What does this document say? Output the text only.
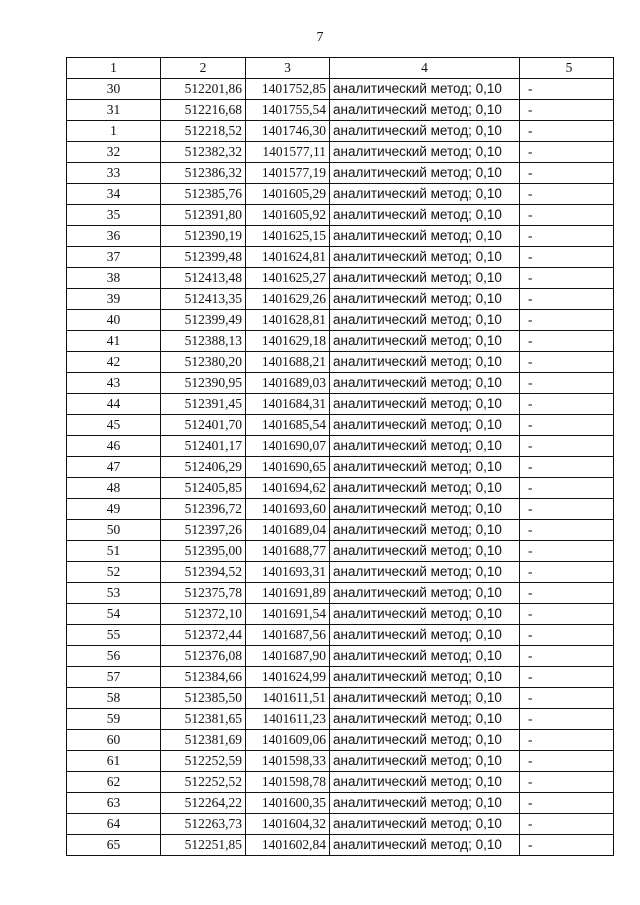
7
1	2	3	4	5
30	512201,86	1401752,85	аналитический метод; 0,10	-
31	512216,68	1401755,54	аналитический метод; 0,10	-
1	512218,52	1401746,30	аналитический метод; 0,10	-
32	512382,32	1401577,11	аналитический метод; 0,10	-
33	512386,32	1401577,19	аналитический метод; 0,10	-
34	512385,76	1401605,29	аналитический метод; 0,10	-
35	512391,80	1401605,92	аналитический метод; 0,10	-
36	512390,19	1401625,15	аналитический метод; 0,10	-
37	512399,48	1401624,81	аналитический метод; 0,10	-
38	512413,48	1401625,27	аналитический метод; 0,10	-
39	512413,35	1401629,26	аналитический метод; 0,10	-
40	512399,49	1401628,81	аналитический метод; 0,10	-
41	512388,13	1401629,18	аналитический метод; 0,10	-
42	512380,20	1401688,21	аналитический метод; 0,10	-
43	512390,95	1401689,03	аналитический метод; 0,10	-
44	512391,45	1401684,31	аналитический метод; 0,10	-
45	512401,70	1401685,54	аналитический метод; 0,10	-
46	512401,17	1401690,07	аналитический метод; 0,10	-
47	512406,29	1401690,65	аналитический метод; 0,10	-
48	512405,85	1401694,62	аналитический метод; 0,10	-
49	512396,72	1401693,60	аналитический метод; 0,10	-
50	512397,26	1401689,04	аналитический метод; 0,10	-
51	512395,00	1401688,77	аналитический метод; 0,10	-
52	512394,52	1401693,31	аналитический метод; 0,10	-
53	512375,78	1401691,89	аналитический метод; 0,10	-
54	512372,10	1401691,54	аналитический метод; 0,10	-
55	512372,44	1401687,56	аналитический метод; 0,10	-
56	512376,08	1401687,90	аналитический метод; 0,10	-
57	512384,66	1401624,99	аналитический метод; 0,10	-
58	512385,50	1401611,51	аналитический метод; 0,10	-
59	512381,65	1401611,23	аналитический метод; 0,10	-
60	512381,69	1401609,06	аналитический метод; 0,10	-
61	512252,59	1401598,33	аналитический метод; 0,10	-
62	512252,52	1401598,78	аналитический метод; 0,10	-
63	512264,22	1401600,35	аналитический метод; 0,10	-
64	512263,73	1401604,32	аналитический метод; 0,10	-
65	512251,85	1401602,84	аналитический метод; 0,10	-
